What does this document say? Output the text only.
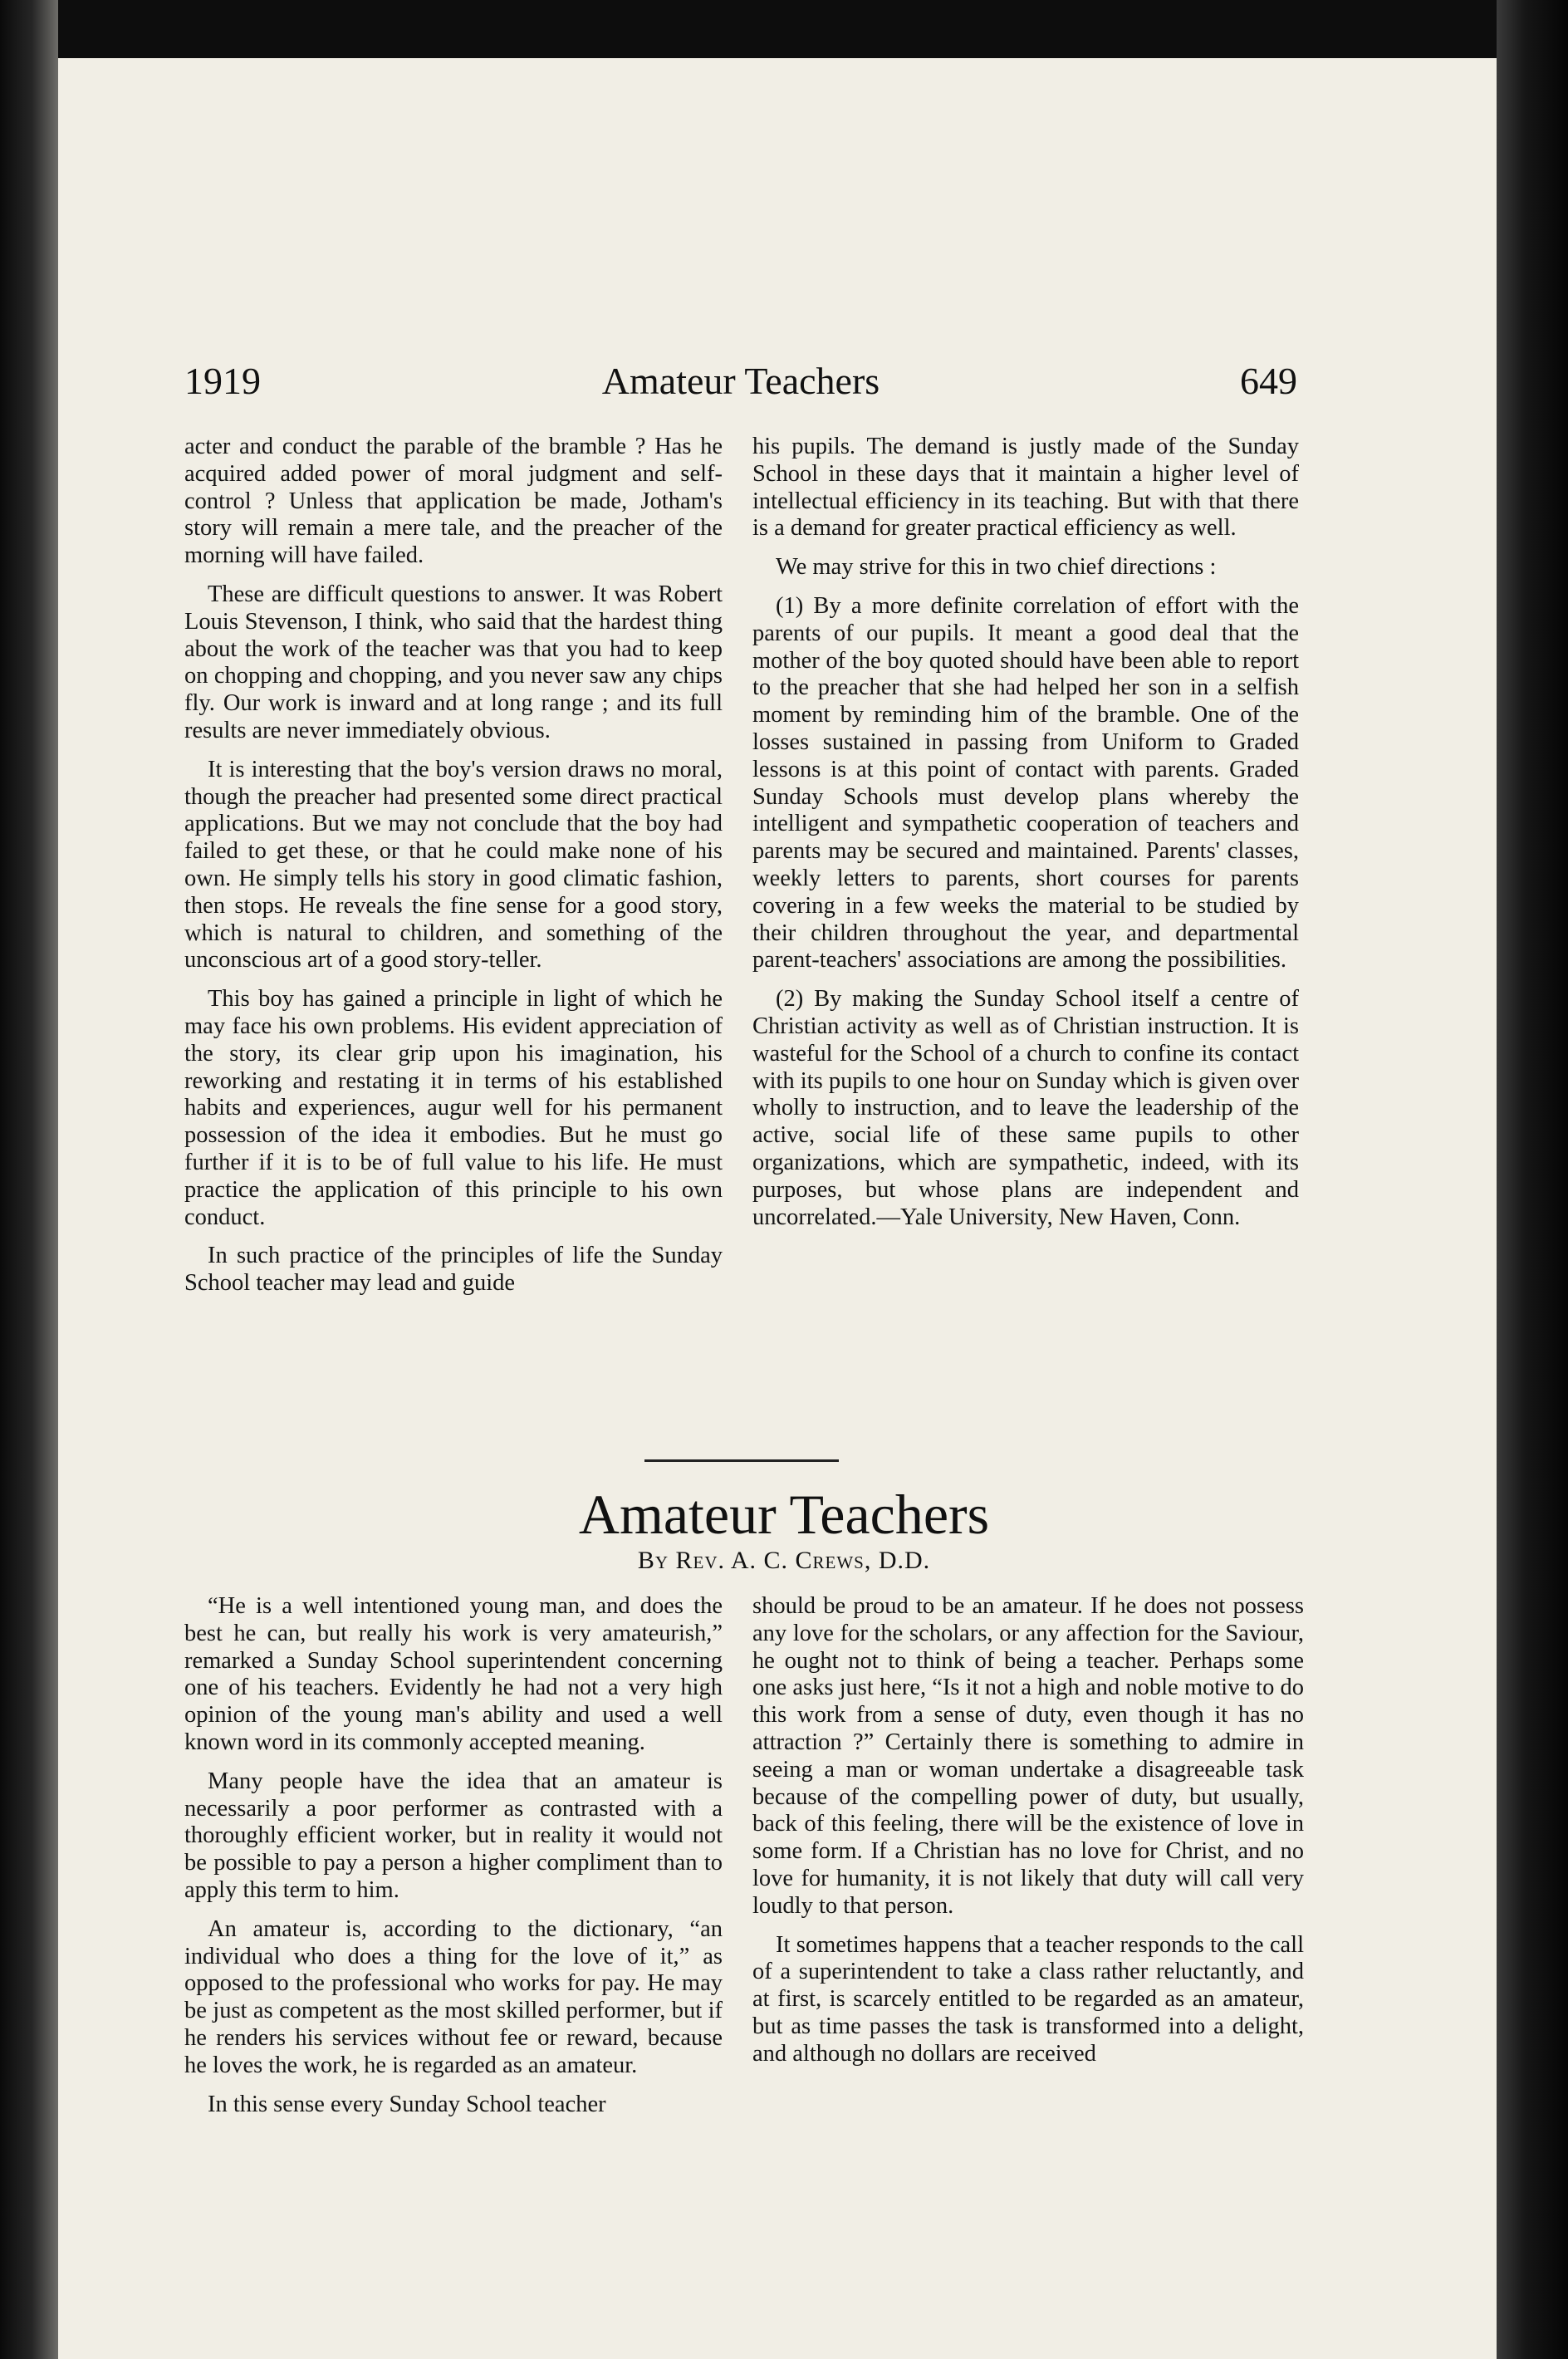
1919	Amateur Teachers	649

acter and conduct the parable of the bramble ? Has he acquired added power of moral judgment and self-control ? Unless that application be made, Jotham's story will remain a mere tale, and the preacher of the morning will have failed.

These are difficult questions to answer. It was Robert Louis Stevenson, I think, who said that the hardest thing about the work of the teacher was that you had to keep on chopping and chopping, and you never saw any chips fly. Our work is inward and at long range ; and its full results are never immediately obvious.

It is interesting that the boy's version draws no moral, though the preacher had presented some direct practical applications. But we may not conclude that the boy had failed to get these, or that he could make none of his own. He simply tells his story in good climatic fashion, then stops. He reveals the fine sense for a good story, which is natural to children, and something of the unconscious art of a good story-teller.

This boy has gained a principle in light of which he may face his own problems. His evident appreciation of the story, its clear grip upon his imagination, his reworking and restating it in terms of his established habits and experiences, augur well for his permanent possession of the idea it embodies. But he must go further if it is to be of full value to his life. He must practice the application of this principle to his own conduct.

In such practice of the principles of life the Sunday School teacher may lead and guide

his pupils. The demand is justly made of the Sunday School in these days that it maintain a higher level of intellectual efficiency in its teaching. But with that there is a demand for greater practical efficiency as well.

We may strive for this in two chief directions :

(1) By a more definite correlation of effort with the parents of our pupils. It meant a good deal that the mother of the boy quoted should have been able to report to the preacher that she had helped her son in a selfish moment by reminding him of the bramble. One of the losses sustained in passing from Uniform to Graded lessons is at this point of contact with parents. Graded Sunday Schools must develop plans whereby the intelligent and sympathetic cooperation of teachers and parents may be secured and maintained. Parents' classes, weekly letters to parents, short courses for parents covering in a few weeks the material to be studied by their children throughout the year, and departmental parent-teachers' associations are among the possibilities.

(2) By making the Sunday School itself a centre of Christian activity as well as of Christian instruction. It is wasteful for the School of a church to confine its contact with its pupils to one hour on Sunday which is given over wholly to instruction, and to leave the leadership of the active, social life of these same pupils to other organizations, which are sympathetic, indeed, with its purposes, but whose plans are independent and uncorrelated.—Yale University, New Haven, Conn.

Amateur Teachers
By Rev. A. C. Crews, D.D.

“He is a well intentioned young man, and does the best he can, but really his work is very amateurish,” remarked a Sunday School superintendent concerning one of his teachers. Evidently he had not a very high opinion of the young man's ability and used a well known word in its commonly accepted meaning.

Many people have the idea that an amateur is necessarily a poor performer as contrasted with a thoroughly efficient worker, but in reality it would not be possible to pay a person a higher compliment than to apply this term to him.

An amateur is, according to the dictionary, “an individual who does a thing for the love of it,” as opposed to the professional who works for pay. He may be just as competent as the most skilled performer, but if he renders his services without fee or reward, because he loves the work, he is regarded as an amateur.

In this sense every Sunday School teacher

should be proud to be an amateur. If he does not possess any love for the scholars, or any affection for the Saviour, he ought not to think of being a teacher. Perhaps some one asks just here, “Is it not a high and noble motive to do this work from a sense of duty, even though it has no attraction ?” Certainly there is something to admire in seeing a man or woman undertake a disagreeable task because of the compelling power of duty, but usually, back of this feeling, there will be the existence of love in some form. If a Christian has no love for Christ, and no love for humanity, it is not likely that duty will call very loudly to that person.

It sometimes happens that a teacher responds to the call of a superintendent to take a class rather reluctantly, and at first, is scarcely entitled to be regarded as an amateur, but as time passes the task is transformed into a delight, and although no dollars are received
